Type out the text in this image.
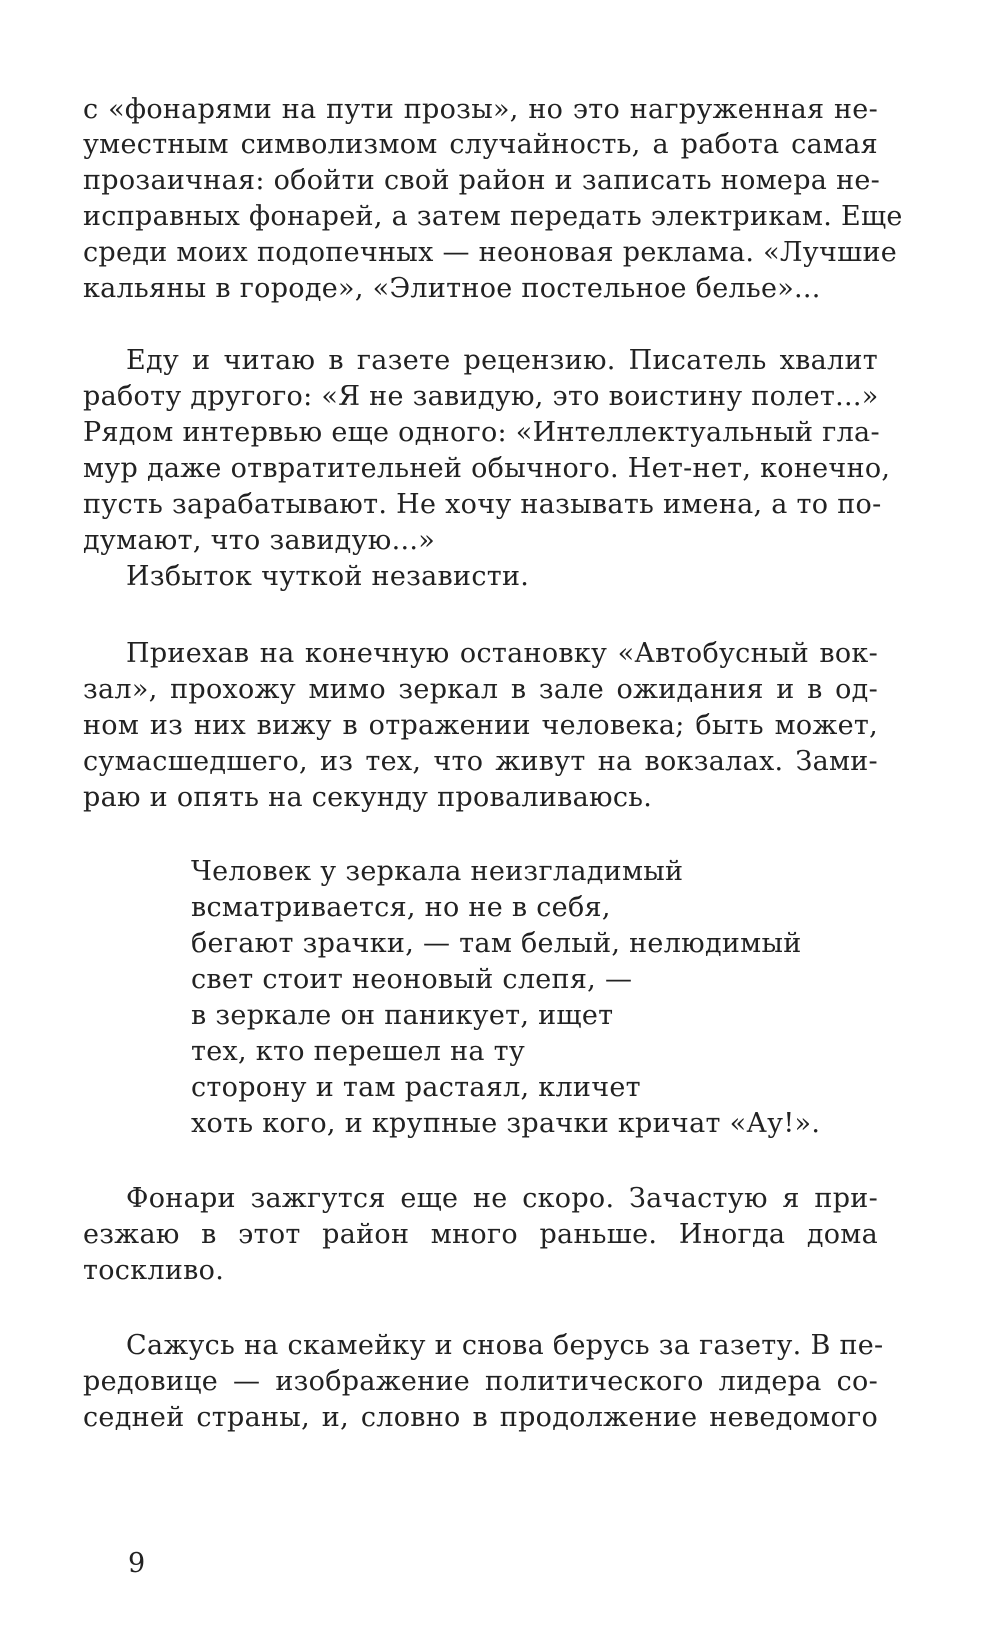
с «фонарями на пути прозы», но это нагруженная не-
уместным символизмом случайность, а работа самая
прозаичная: обойти свой район и записать номера не-
исправных фонарей, а затем передать электрикам. Еще
среди моих подопечных — неоновая реклама. «Лучшие
кальяны в городе», «Элитное постельное белье»...
Еду и читаю в газете рецензию. Писатель хвалит
работу другого: «Я не завидую, это воистину полет...»
Рядом интервью еще одного: «Интеллектуальный гла-
мур даже отвратительней обычного. Нет-нет, конечно,
пусть зарабатывают. Не хочу называть имена, а то по-
думают, что завидую...»
Избыток чуткой независти.
Приехав на конечную остановку «Автобусный вок-
зал», прохожу мимо зеркал в зале ожидания и в од-
ном из них вижу в отражении человека; быть может,
сумасшедшего, из тех, что живут на вокзалах. Зами-
раю и опять на секунду проваливаюсь.
Человек у зеркала неизгладимый
всматривается, но не в себя,
бегают зрачки, — там белый, нелюдимый
свет стоит неоновый слепя, —
в зеркале он паникует, ищет
тех, кто перешел на ту
сторону и там растаял, кличет
хоть кого, и крупные зрачки кричат «Ау!».
Фонари зажгутся еще не скоро. Зачастую я при-
езжаю в этот район много раньше. Иногда дома
тоскливо.
Сажусь на скамейку и снова берусь за газету. В пе-
редовице — изображение политического лидера со-
седней страны, и, словно в продолжение неведомого
9
